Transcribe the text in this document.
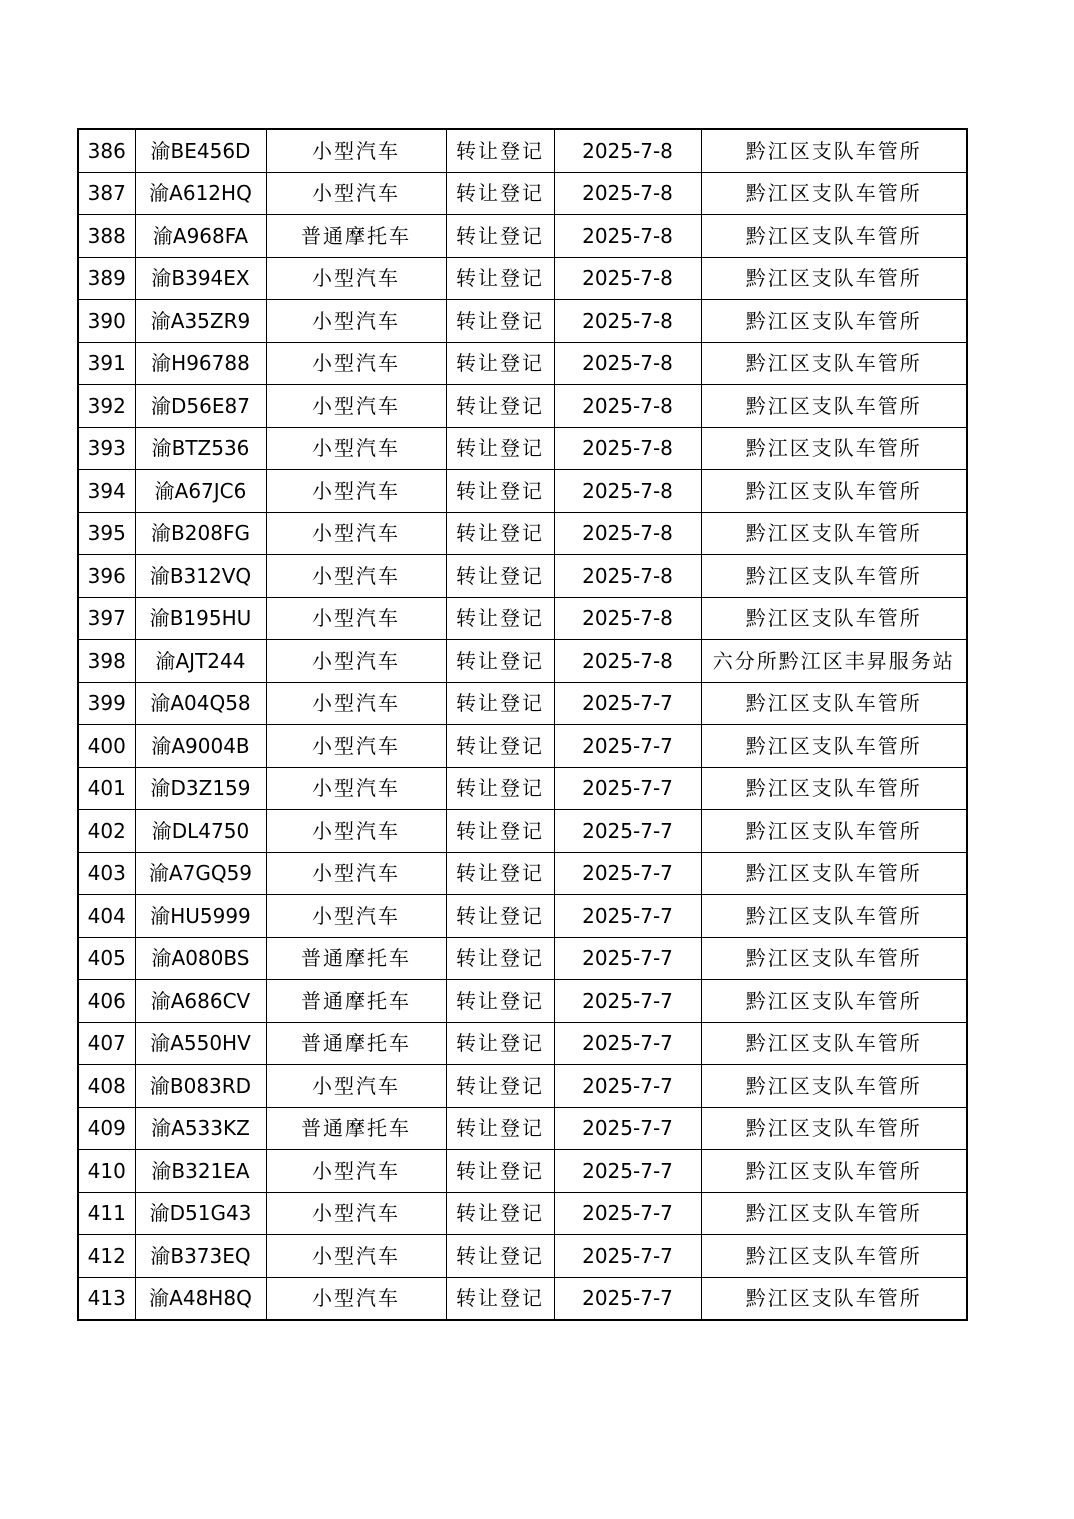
386	渝BE456D	小型汽车	转让登记	2025-7-8	黔江区支队车管所
387	渝A612HQ	小型汽车	转让登记	2025-7-8	黔江区支队车管所
388	渝A968FA	普通摩托车	转让登记	2025-7-8	黔江区支队车管所
389	渝B394EX	小型汽车	转让登记	2025-7-8	黔江区支队车管所
390	渝A35ZR9	小型汽车	转让登记	2025-7-8	黔江区支队车管所
391	渝H96788	小型汽车	转让登记	2025-7-8	黔江区支队车管所
392	渝D56E87	小型汽车	转让登记	2025-7-8	黔江区支队车管所
393	渝BTZ536	小型汽车	转让登记	2025-7-8	黔江区支队车管所
394	渝A67JC6	小型汽车	转让登记	2025-7-8	黔江区支队车管所
395	渝B208FG	小型汽车	转让登记	2025-7-8	黔江区支队车管所
396	渝B312VQ	小型汽车	转让登记	2025-7-8	黔江区支队车管所
397	渝B195HU	小型汽车	转让登记	2025-7-8	黔江区支队车管所
398	渝AJT244	小型汽车	转让登记	2025-7-8	六分所黔江区丰昇服务站
399	渝A04Q58	小型汽车	转让登记	2025-7-7	黔江区支队车管所
400	渝A9004B	小型汽车	转让登记	2025-7-7	黔江区支队车管所
401	渝D3Z159	小型汽车	转让登记	2025-7-7	黔江区支队车管所
402	渝DL4750	小型汽车	转让登记	2025-7-7	黔江区支队车管所
403	渝A7GQ59	小型汽车	转让登记	2025-7-7	黔江区支队车管所
404	渝HU5999	小型汽车	转让登记	2025-7-7	黔江区支队车管所
405	渝A080BS	普通摩托车	转让登记	2025-7-7	黔江区支队车管所
406	渝A686CV	普通摩托车	转让登记	2025-7-7	黔江区支队车管所
407	渝A550HV	普通摩托车	转让登记	2025-7-7	黔江区支队车管所
408	渝B083RD	小型汽车	转让登记	2025-7-7	黔江区支队车管所
409	渝A533KZ	普通摩托车	转让登记	2025-7-7	黔江区支队车管所
410	渝B321EA	小型汽车	转让登记	2025-7-7	黔江区支队车管所
411	渝D51G43	小型汽车	转让登记	2025-7-7	黔江区支队车管所
412	渝B373EQ	小型汽车	转让登记	2025-7-7	黔江区支队车管所
413	渝A48H8Q	小型汽车	转让登记	2025-7-7	黔江区支队车管所
